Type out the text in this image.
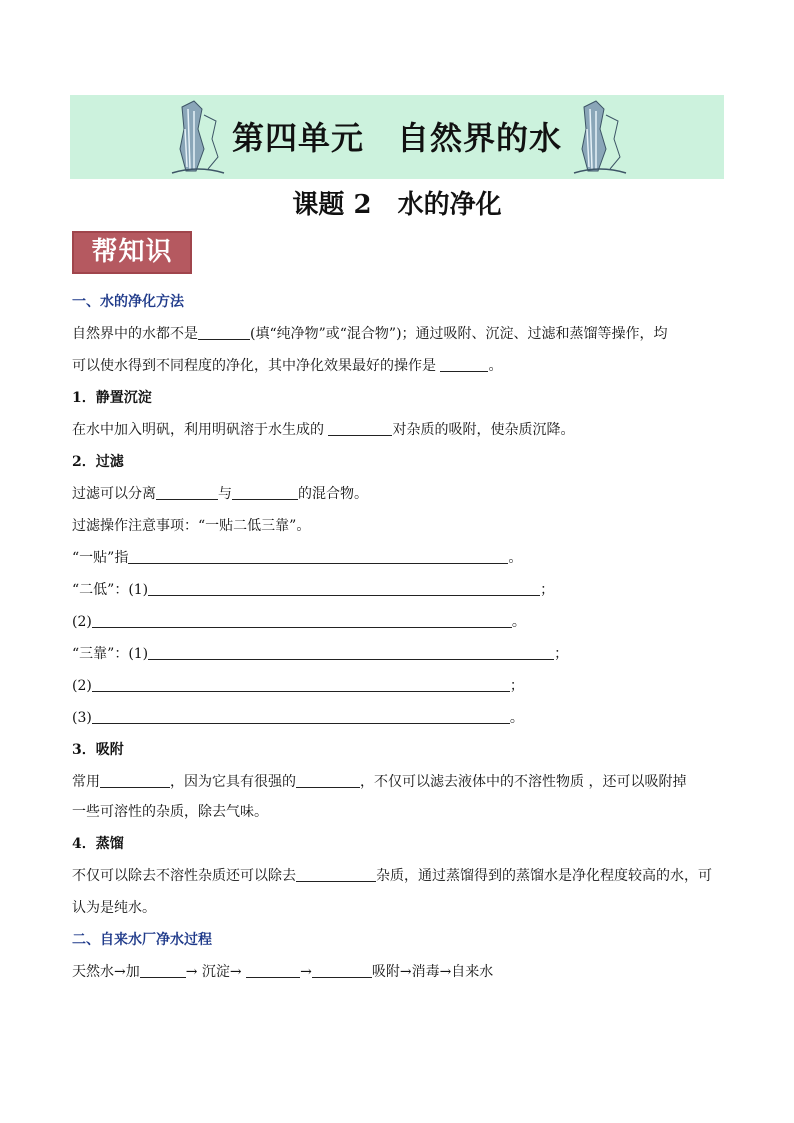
第四单元　自然界的水
课题 2　水的净化
帮知识
一、水的净化方法
自然界中的水都不是	(填“纯净物”或“混合物”)；通过吸附、沉淀、过滤和蒸馏等操作，均
可以使水得到不同程度的净化，其中净化效果最好的操作是	。
1．静置沉淀
在水中加入明矾，利用明矾溶于水生成的	对杂质的吸附，使杂质沉降。
2．过滤
过滤可以分离	与	的混合物。
过滤操作注意事项：“一贴二低三靠”。
“一贴”指	。
“二低”：(1)	；
(2)	。
“三靠”：(1)	；
(2)	；
(3)	。
3．吸附
常用	，因为它具有很强的	，不仅可以滤去液体中的不溶性物质 ，还可以吸附掉
一些可溶性的杂质，除去气味。
4．蒸馏
不仅可以除去不溶性杂质还可以除去	杂质，通过蒸馏得到的蒸馏水是净化程度较高的水，可
认为是纯水。
二、自来水厂净水过程
天然水→加	→ 沉淀→	→	吸附→消毒→自来水
